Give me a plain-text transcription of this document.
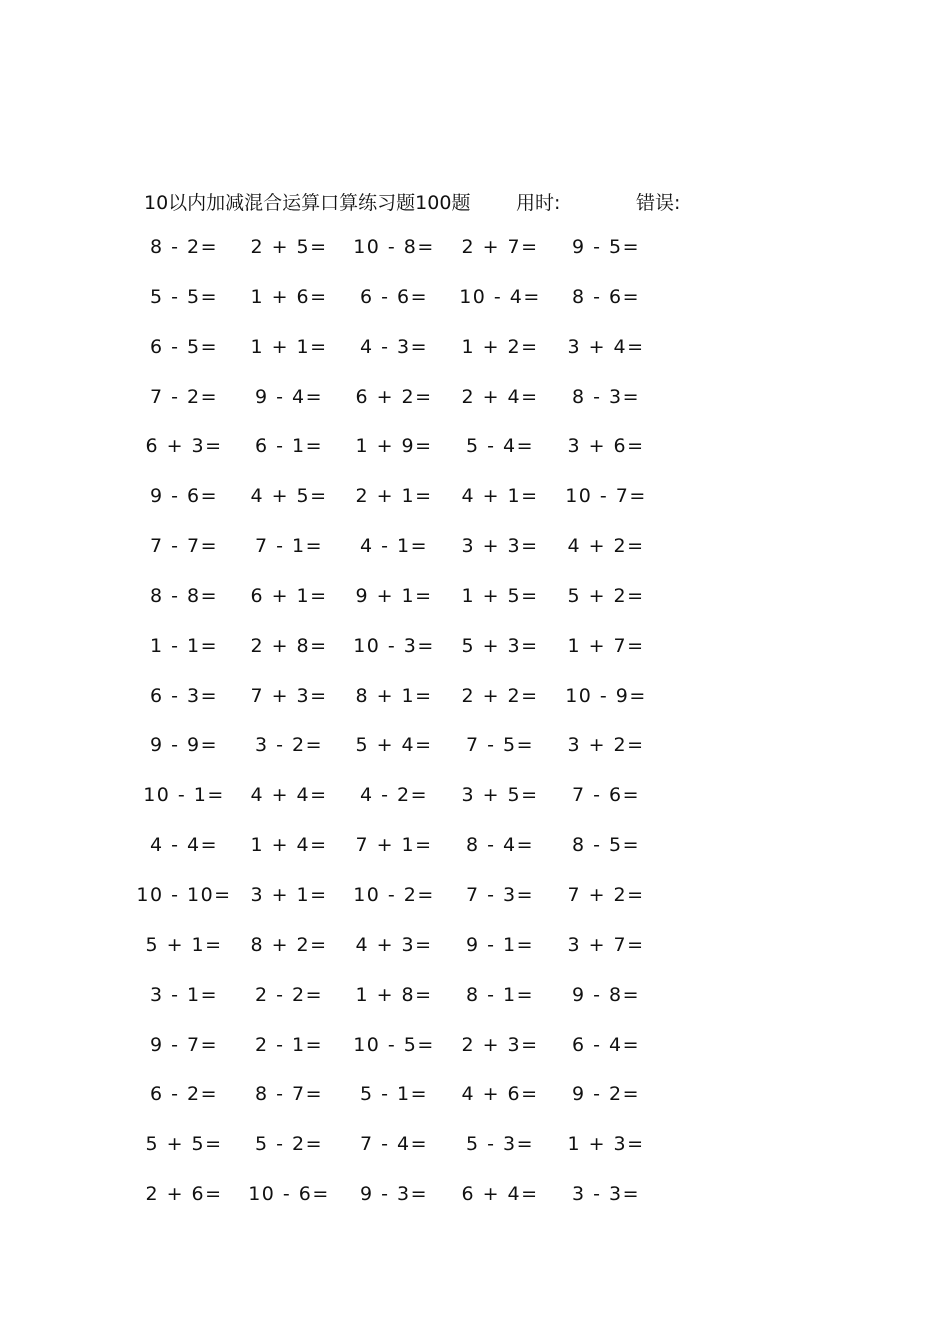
10以内加减混合运算口算练习题100题 用时:	错误:
8 - 2=	2 + 5=	10 - 8=	2 + 7=	9 - 5=
5 - 5=	1 + 6=	6 - 6=	10 - 4=	8 - 6=
6 - 5=	1 + 1=	4 - 3=	1 + 2=	3 + 4=
7 - 2=	9 - 4=	6 + 2=	2 + 4=	8 - 3=
6 + 3=	6 - 1=	1 + 9=	5 - 4=	3 + 6=
9 - 6=	4 + 5=	2 + 1=	4 + 1=	10 - 7=
7 - 7=	7 - 1=	4 - 1=	3 + 3=	4 + 2=
8 - 8=	6 + 1=	9 + 1=	1 + 5=	5 + 2=
1 - 1=	2 + 8=	10 - 3=	5 + 3=	1 + 7=
6 - 3=	7 + 3=	8 + 1=	2 + 2=	10 - 9=
9 - 9=	3 - 2=	5 + 4=	7 - 5=	3 + 2=
10 - 1=	4 + 4=	4 - 2=	3 + 5=	7 - 6=
4 - 4=	1 + 4=	7 + 1=	8 - 4=	8 - 5=
10 - 10= 3 + 1=	10 - 2=	7 - 3=	7 + 2=
5 + 1=	8 + 2=	4 + 3=	9 - 1=	3 + 7=
3 - 1=	2 - 2=	1 + 8=	8 - 1=	9 - 8=
9 - 7=	2 - 1=	10 - 5=	2 + 3=	6 - 4=
6 - 2=	8 - 7=	5 - 1=	4 + 6=	9 - 2=
5 + 5=	5 - 2=	7 - 4=	5 - 3=	1 + 3=
2 + 6=	10 - 6=	9 - 3=	6 + 4=	3 - 3=
